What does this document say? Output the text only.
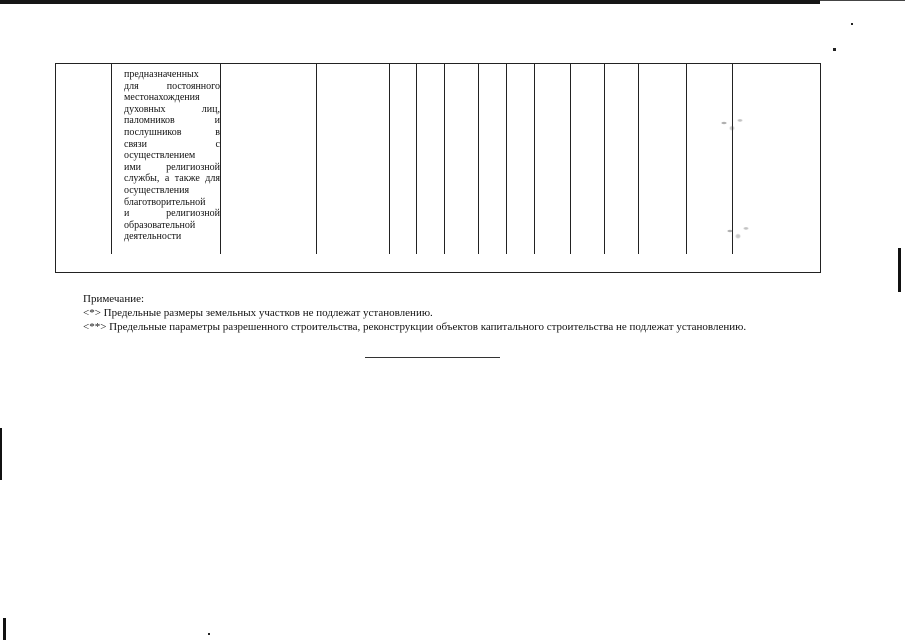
предназначенных
для постоянного
местонахождения
духовных лиц,
паломников и
послушников в
связи с
осуществлением
ими религиозной
службы, а также для
осуществления
благотворительной
и религиозной
образовательной
деятельности

Примечание:

<*> Предельные размеры земельных участков не подлежат установлению.

<**> Предельные параметры разрешенного строительства, реконструкции объектов капитального строительства не подлежат установлению.
